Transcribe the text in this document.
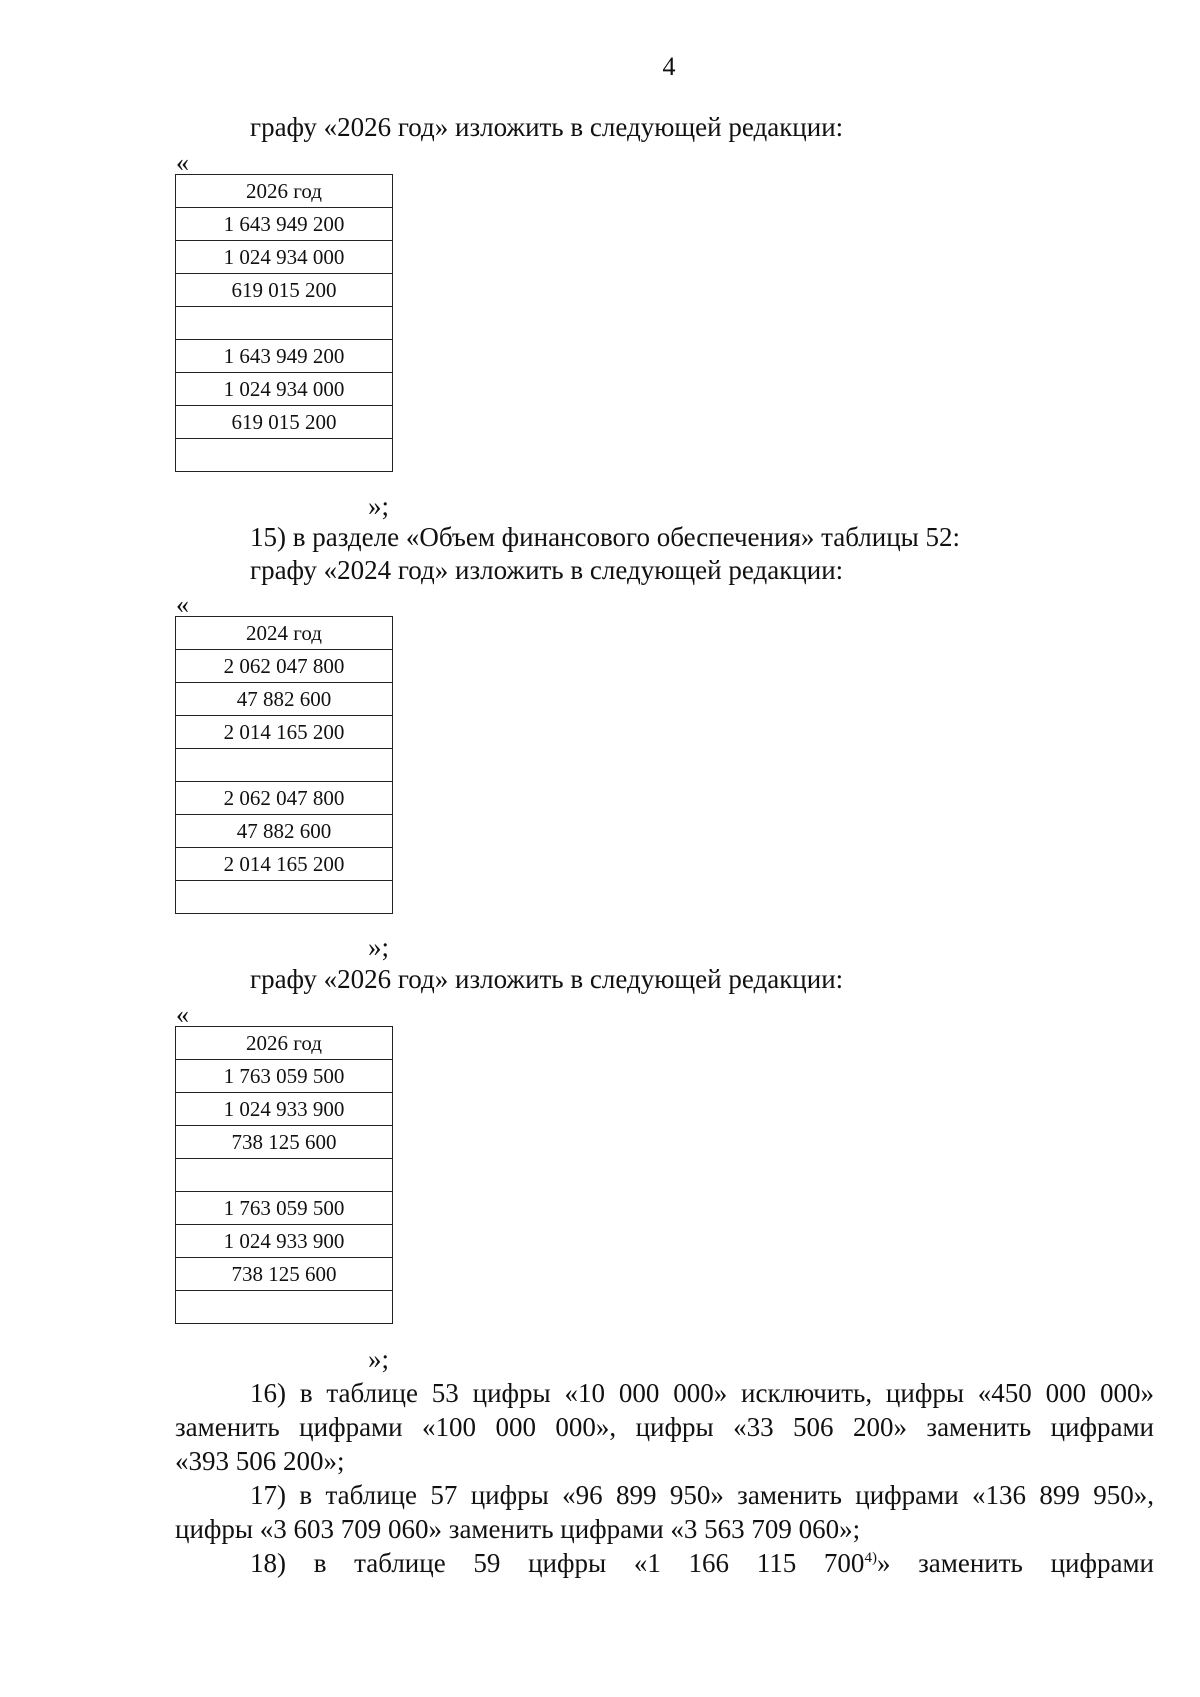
4
графу «2026 год» изложить в следующей редакции:
«
2026 год
1 643 949 200
1 024 934 000
619 015 200

1 643 949 200
1 024 934 000
619 015 200

»;
15) в разделе «Объем финансового обеспечения» таблицы 52:
графу «2024 год» изложить в следующей редакции:
«
2024 год
2 062 047 800
47 882 600
2 014 165 200

2 062 047 800
47 882 600
2 014 165 200

»;
графу «2026 год» изложить в следующей редакции:
«
2026 год
1 763 059 500
1 024 933 900
738 125 600

1 763 059 500
1 024 933 900
738 125 600

»;
16) в таблице 53 цифры «10 000 000» исключить, цифры «450 000 000»
заменить цифрами «100 000 000», цифры «33 506 200» заменить цифрами
«393 506 200»;
17) в таблице 57 цифры «96 899 950» заменить цифрами «136 899 950»,
цифры «3 603 709 060» заменить цифрами «3 563 709 060»;
18) в таблице 59 цифры «1 166 115 700$^{4)}$» заменить цифрами
